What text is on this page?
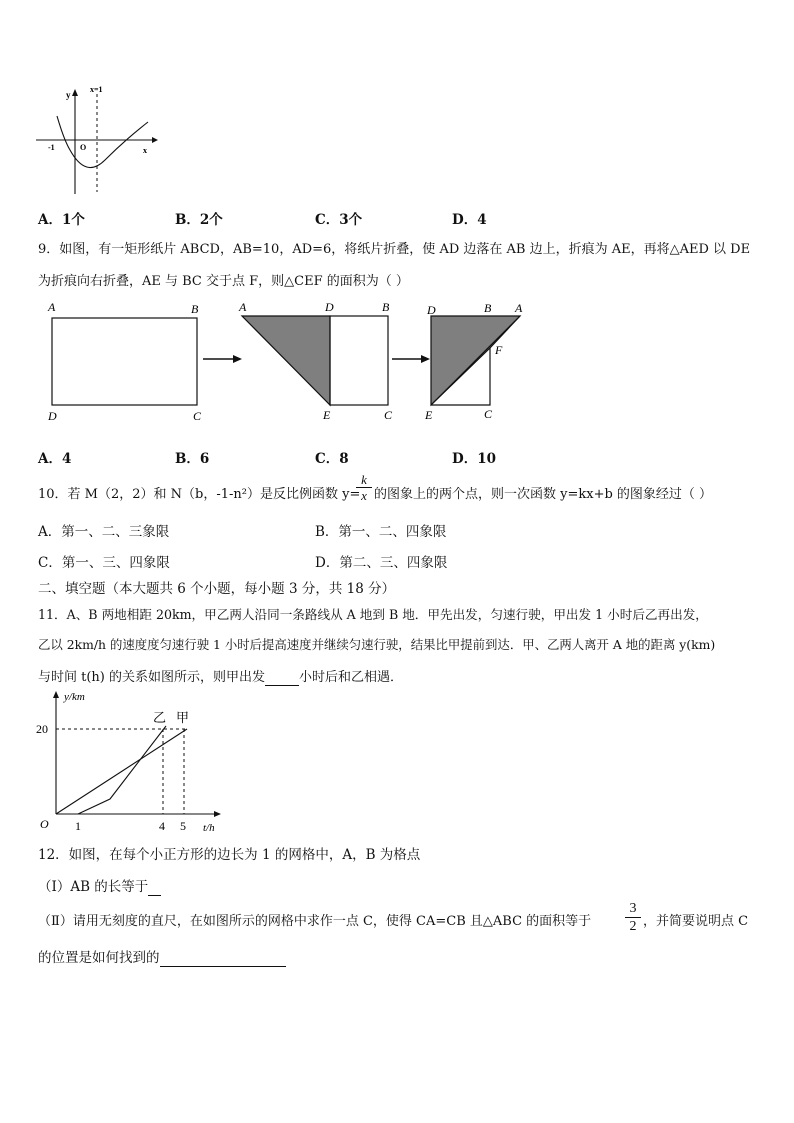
y
x=1
-1	O	x
A．1个	B．2个	C．3个	D．4
9．如图，有一矩形纸片 ABCD，AB=10，AD=6，将纸片折叠，使 AD 边落在 AB 边上，折痕为 AE，再将△AED 以 DE
为折痕向右折叠，AE 与 BC 交于点 F，则△CEF 的面积为（ ）
A	B
D	C
A	D	B
E	C
D	B A
F
E	C
A．4	B．6	C．8	D．10
10．若 M（2，2）和 N（b，-1-n²）是反比例函数 y=
$\frac{k}{x}$ 的图象上的两个点，则一次函数 y=kx+b 的图象经过（ ）
A．第一、二、三象限	B．第一、二、四象限
C．第一、三、四象限	D．第二、三、四象限
二、填空题（本大题共 6 个小题，每小题 3 分，共 18 分）
11．A、B 两地相距 20km，甲乙两人沿同一条路线从 A 地到 B 地．甲先出发，匀速行驶，甲出发 1 小时后乙再出发，
乙以 2km/h 的速度度匀速行驶 1 小时后提高速度并继续匀速行驶，结果比甲提前到达．甲、乙两人离开 A 地的距离 y(km)
与时间 t(h) 的关系如图所示，则甲出发	小时后和乙相遇．
y/km
t/h
O
20
1	4 5
乙 甲
12．如图，在每个小正方形的边长为 1 的网格中，A，B 为格点
（Ⅰ）AB 的长等于
（Ⅱ）请用无刻度的直尺，在如图所示的网格中求作一点 C，使得 CA=CB 且△ABC 的面积等于 $\frac{3}{2}$ ，并简要说明点 C
的位置是如何找到的
